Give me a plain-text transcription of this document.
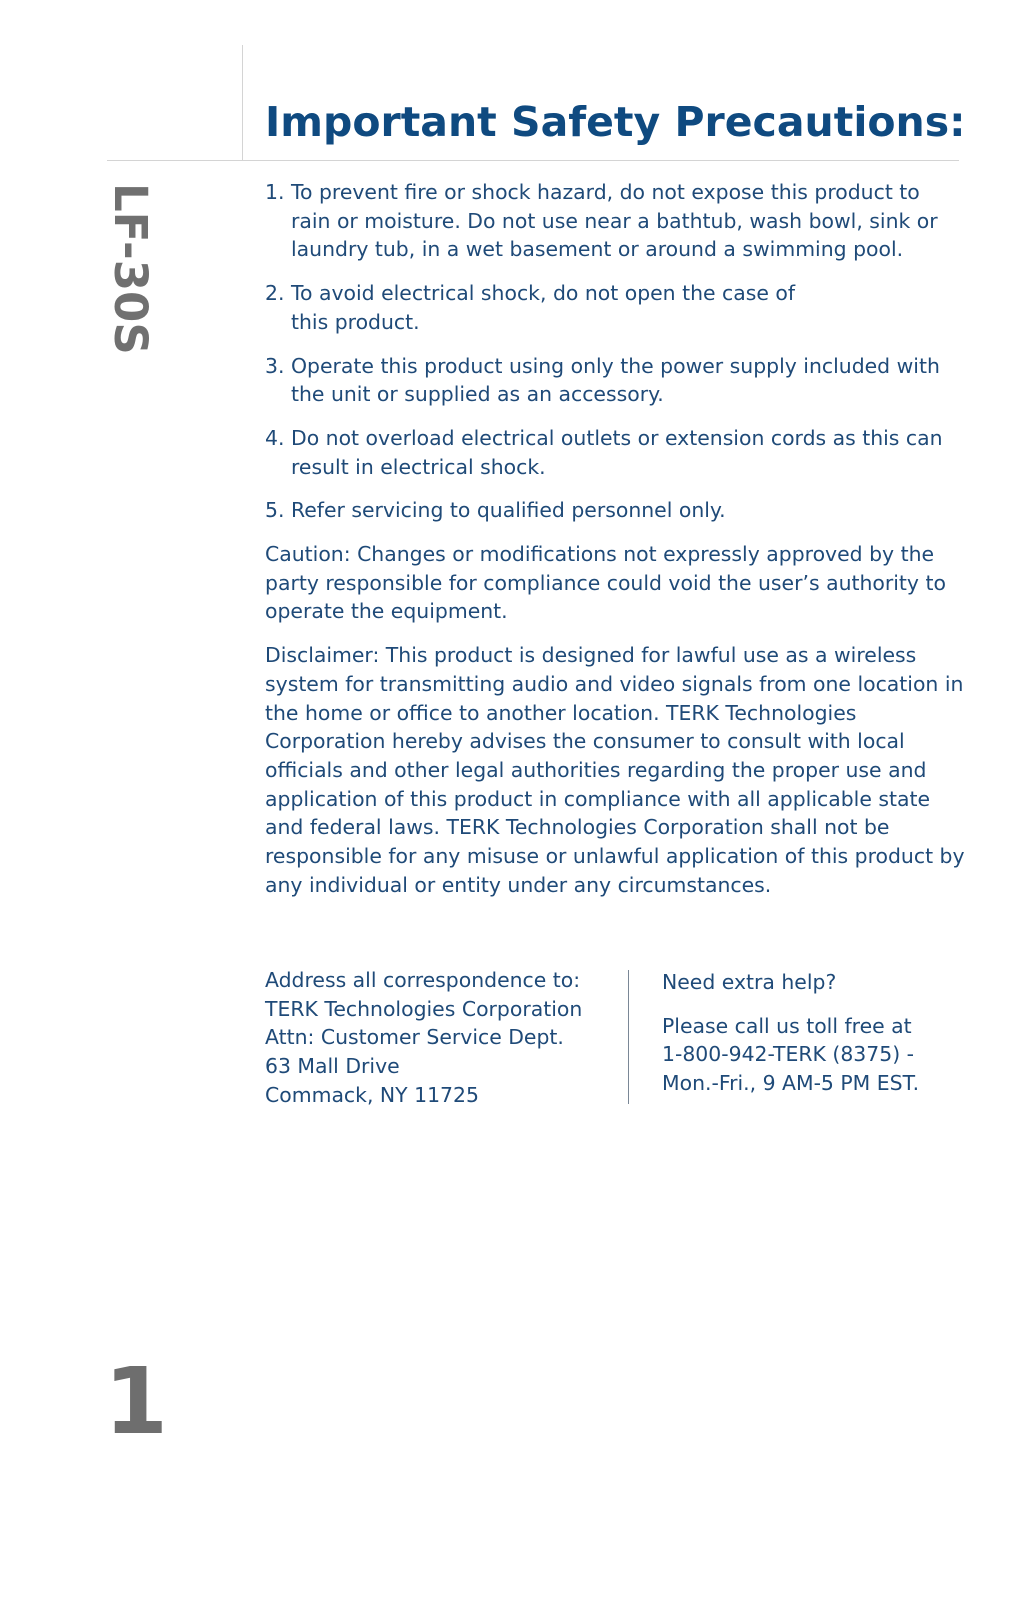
Important Safety Precautions:
LF-30S
1
1. To prevent fire or shock hazard, do not expose this product to rain or moisture. Do not use near a bathtub, wash bowl, sink or laundry tub, in a wet basement or around a swimming pool.
2. To avoid electrical shock, do not open the case of this product.
3. Operate this product using only the power supply included with the unit or supplied as an accessory.
4. Do not overload electrical outlets or extension cords as this can result in electrical shock.
5. Refer servicing to qualified personnel only.

Caution: Changes or modifications not expressly approved by the party responsible for compliance could void the user’s authority to operate the equipment.

Disclaimer: This product is designed for lawful use as a wireless system for transmitting audio and video signals from one location in the home or office to another location. TERK Technologies Corporation hereby advises the consumer to consult with local officials and other legal authorities regarding the proper use and application of this product in compliance with all applicable state and federal laws. TERK Technologies Corporation shall not be responsible for any misuse or unlawful application of this product by any individual or entity under any circumstances.

Address all correspondence to:
TERK Technologies Corporation
Attn: Customer Service Dept.
63 Mall Drive
Commack, NY 11725
Need extra help?
Please call us toll free at
1-800-942-TERK (8375) -
Mon.-Fri., 9 AM-5 PM EST.
